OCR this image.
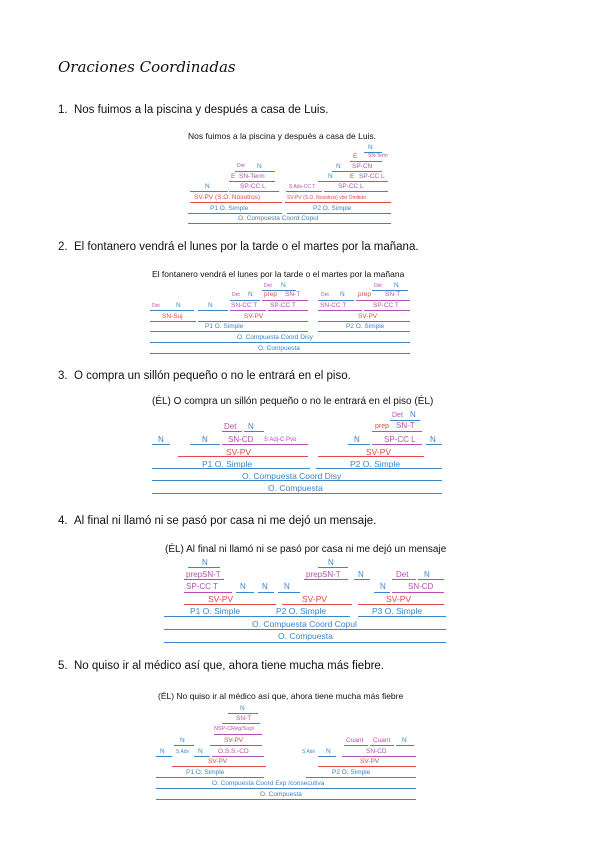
Oraciones Coordinadas
1. Nos fuimos a la piscina y después a casa de Luis.
Nos fuimos a la piscina y después a casa de Luis.
N
E SN-Term
Det N	N SP-CN
E SN-Term	N	E SP-CC L
N	SP-CC L	S Adv-CC T	SP-CC L
SV-PV (S.O. Nosotros)	SV-PV (S.O. Nosotros) vbo Omitido
P1 O. Simple	P2 O. Simple
O. Compuesta Coord Copul
2. El fontanero vendrá el lunes por la tarde o el martes por la mañana.
El fontanero vendrá el lunes por la tarde o el martes por la mañana
Det N	Det N
Det N prep SN-T	Det N prep SN-T
Det N	N	SN-CC T SP-CC T	SN-CC T	SP-CC T
SN-Suj	SV-PV	SV-PV
P1 O. Simple	P2 O. Simple
O. Compuesta Coord Disy
O. Compuesta
3. O compra un sillón pequeño o no le entrará en el piso.
(ÉL) O compra un sillón pequeño o no le entrará en el piso (ÉL)
Det N
Det N	prep SN-T
N	N	SN-CD S Adj-C Pvo	N	SP-CC L N
SV-PV	SV-PV
P1 O. Simple	P2 O. Simple
O. Compuesta Coord Disy
O. Compuesta
4. Al final ni llamó ni se pasó por casa ni me dejó un mensaje.
(ÉL) Al final ni llamó ni se pasó por casa ni me dejó un mensaje
N	N
prepSN-T	prepSN-T N	Det N
SP-CC T	N N N	N	SN-CD
SV-PV	SV-PV	SV-PV
P1 O. Simple	P2 O. Simple	P3 O. Simple
O. Compuesta Coord Copul
O. Compuesta
5. No quiso ir al médico así que, ahora tiene mucha más fiebre.
(ÉL) No quiso ir al médico así que, ahora tiene mucha más fiebre
N
SN-T
NSP-CRég/Supl
N	SV-PV	Cuant Cuant N
N S Adv N O.S.S.-CD	S Adv N	SN-CD
SV-PV	SV-PV
P1 O. Simple	P2 O. Simple
O. Compuesta Coord Exp /consecutiva
O. Compuesta
